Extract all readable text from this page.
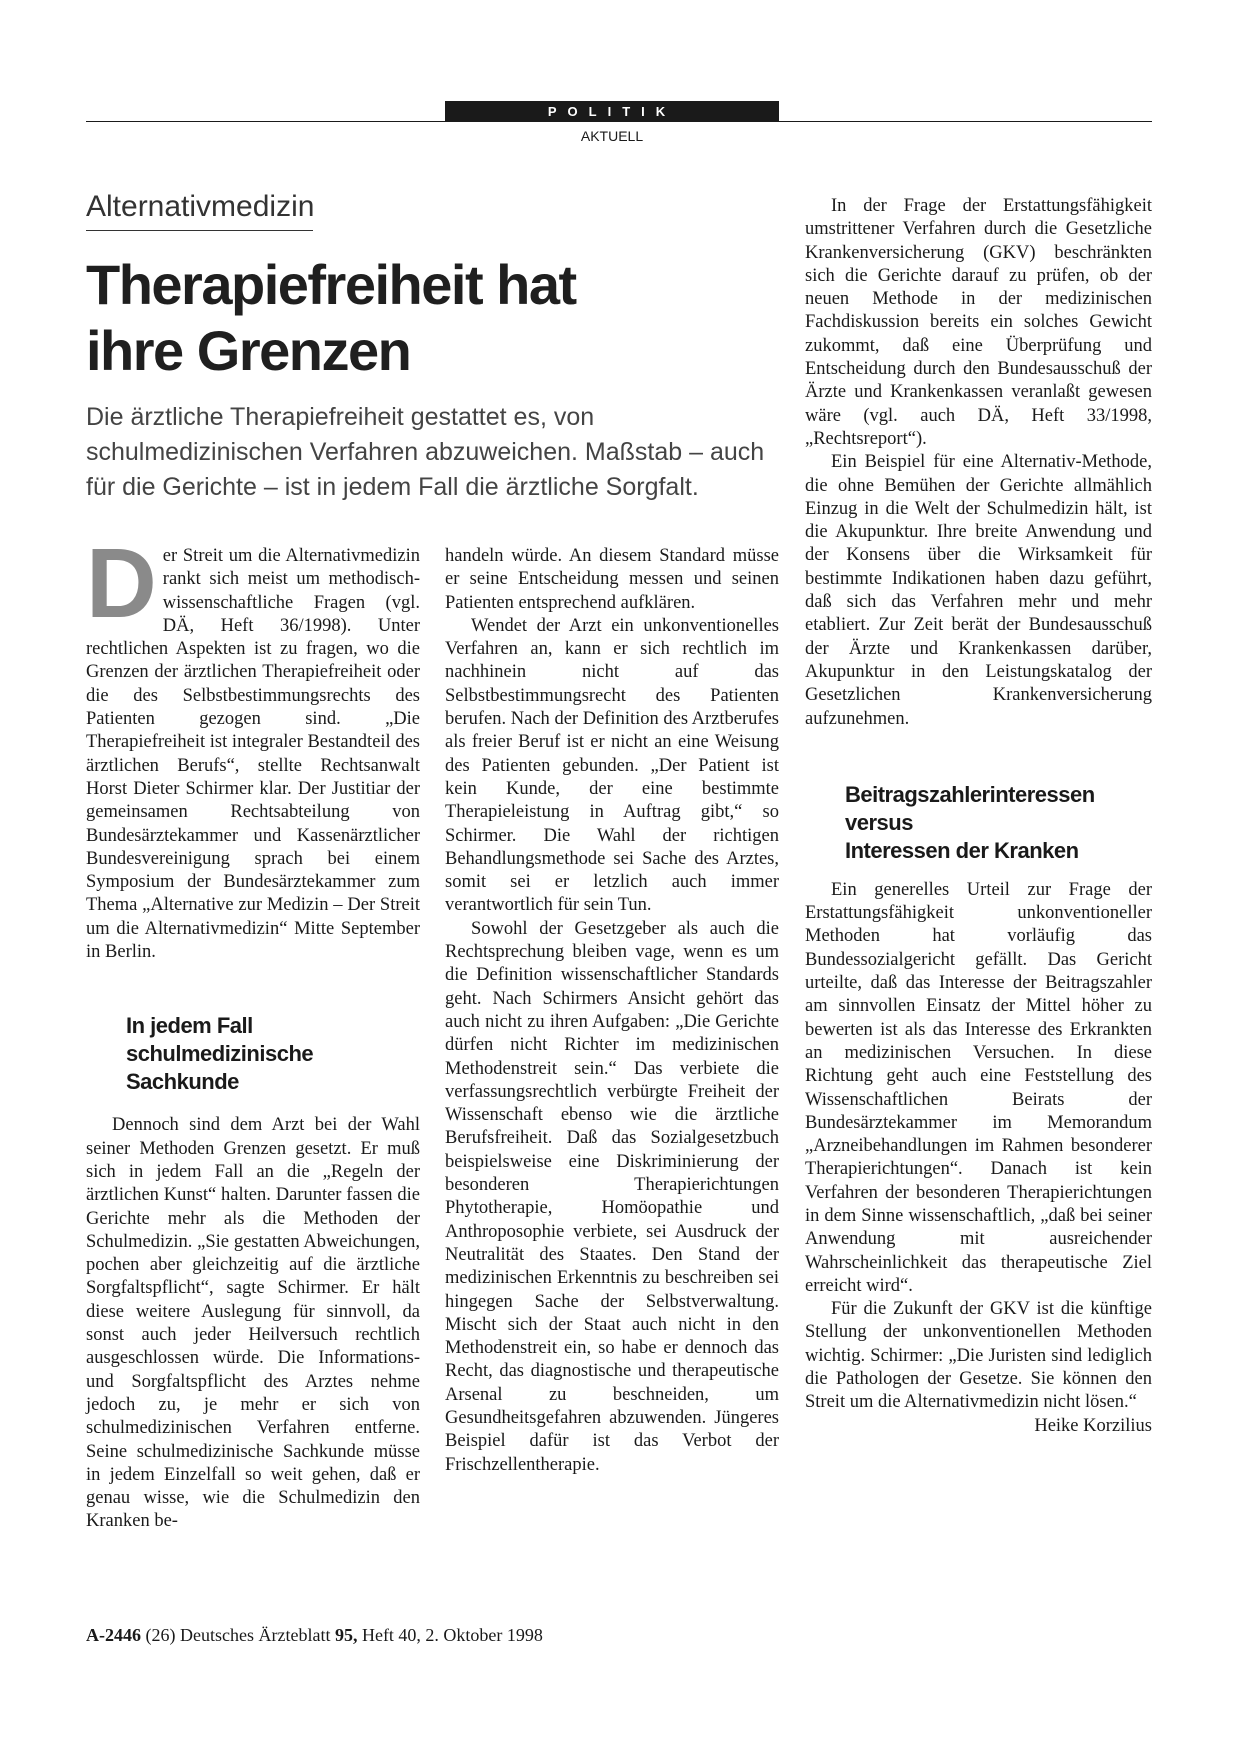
POLITIK
AKTUELL
Alternativmedizin
Therapiefreiheit hat
ihre Grenzen

Die ärztliche Therapiefreiheit gestattet es, von schulmedizinischen Verfahren abzuweichen. Maßstab – auch für die Gerichte – ist in jedem Fall die ärztliche Sorgfalt.

Der Streit um die Alternativmedizin rankt sich meist um methodisch-wissenschaftliche Fragen (vgl. DÄ, Heft 36/1998). Unter rechtlichen Aspekten ist zu fragen, wo die Grenzen der ärztlichen Therapiefreiheit oder die des Selbstbestimmungsrechts des Patienten gezogen sind. „Die Therapiefreiheit ist integraler Bestandteil des ärztlichen Berufs“, stellte Rechtsanwalt Horst Dieter Schirmer klar. Der Justitiar der gemeinsamen Rechtsabteilung von Bundesärztekammer und Kassenärztlicher Bundesvereinigung sprach bei einem Symposium der Bundesärztekammer zum Thema „Alternative zur Medizin – Der Streit um die Alternativmedizin“ Mitte September in Berlin.

In jedem Fall schulmedizinische Sachkunde

Dennoch sind dem Arzt bei der Wahl seiner Methoden Grenzen gesetzt. Er muß sich in jedem Fall an die „Regeln der ärztlichen Kunst“ halten. Darunter fassen die Gerichte mehr als die Methoden der Schulmedizin. „Sie gestatten Abweichungen, pochen aber gleichzeitig auf die ärztliche Sorgfaltspflicht“, sagte Schirmer. Er hält diese weitere Auslegung für sinnvoll, da sonst auch jeder Heilversuch rechtlich ausgeschlossen würde. Die Informations- und Sorgfaltspflicht des Arztes nehme jedoch zu, je mehr er sich von schulmedizinischen Verfahren entferne. Seine schulmedizinische Sachkunde müsse in jedem Einzelfall so weit gehen, daß er genau wisse, wie die Schulmedizin den Kranken be-

handeln würde. An diesem Standard müsse er seine Entscheidung messen und seinen Patienten entsprechend aufklären.

Wendet der Arzt ein unkonventionelles Verfahren an, kann er sich rechtlich im nachhinein nicht auf das Selbstbestimmungsrecht des Patienten berufen. Nach der Definition des Arztberufes als freier Beruf ist er nicht an eine Weisung des Patienten gebunden. „Der Patient ist kein Kunde, der eine bestimmte Therapieleistung in Auftrag gibt,“ so Schirmer. Die Wahl der richtigen Behandlungsmethode sei Sache des Arztes, somit sei er letzlich auch immer verantwortlich für sein Tun.

Sowohl der Gesetzgeber als auch die Rechtsprechung bleiben vage, wenn es um die Definition wissenschaftlicher Standards geht. Nach Schirmers Ansicht gehört das auch nicht zu ihren Aufgaben: „Die Gerichte dürfen nicht Richter im medizinischen Methodenstreit sein.“ Das verbiete die verfassungsrechtlich verbürgte Freiheit der Wissenschaft ebenso wie die ärztliche Berufsfreiheit. Daß das Sozialgesetzbuch beispielsweise eine Diskriminierung der besonderen Therapierichtungen Phytotherapie, Homöopathie und Anthroposophie verbiete, sei Ausdruck der Neutralität des Staates. Den Stand der medizinischen Erkenntnis zu beschreiben sei hingegen Sache der Selbstverwaltung. Mischt sich der Staat auch nicht in den Methodenstreit ein, so habe er dennoch das Recht, das diagnostische und therapeutische Arsenal zu beschneiden, um Gesundheitsgefahren abzuwenden. Jüngeres Beispiel dafür ist das Verbot der Frischzellentherapie.

In der Frage der Erstattungsfähigkeit umstrittener Verfahren durch die Gesetzliche Krankenversicherung (GKV) beschränkten sich die Gerichte darauf zu prüfen, ob der neuen Methode in der medizinischen Fachdiskussion bereits ein solches Gewicht zukommt, daß eine Überprüfung und Entscheidung durch den Bundesausschuß der Ärzte und Krankenkassen veranlaßt gewesen wäre (vgl. auch DÄ, Heft 33/1998, „Rechtsreport“).

Ein Beispiel für eine Alternativ-Methode, die ohne Bemühen der Gerichte allmählich Einzug in die Welt der Schulmedizin hält, ist die Akupunktur. Ihre breite Anwendung und der Konsens über die Wirksamkeit für bestimmte Indikationen haben dazu geführt, daß sich das Verfahren mehr und mehr etabliert. Zur Zeit berät der Bundesausschuß der Ärzte und Krankenkassen darüber, Akupunktur in den Leistungskatalog der Gesetzlichen Krankenversicherung aufzunehmen.

Beitragszahlerinteressen
versus
Interessen der Kranken

Ein generelles Urteil zur Frage der Erstattungsfähigkeit unkonventioneller Methoden hat vorläufig das Bundessozialgericht gefällt. Das Gericht urteilte, daß das Interesse der Beitragszahler am sinnvollen Einsatz der Mittel höher zu bewerten ist als das Interesse des Erkrankten an medizinischen Versuchen. In diese Richtung geht auch eine Feststellung des Wissenschaftlichen Beirats der Bundesärztekammer im Memorandum „Arzneibehandlungen im Rahmen besonderer Therapierichtungen“. Danach ist kein Verfahren der besonderen Therapierichtungen in dem Sinne wissenschaftlich, „daß bei seiner Anwendung mit ausreichender Wahrscheinlichkeit das therapeutische Ziel erreicht wird“.

Für die Zukunft der GKV ist die künftige Stellung der unkonventionellen Methoden wichtig. Schirmer: „Die Juristen sind lediglich die Pathologen der Gesetze. Sie können den Streit um die Alternativmedizin nicht lösen.“
Heike Korzilius

A-2446 (26) Deutsches Ärzteblatt 95, Heft 40, 2. Oktober 1998
